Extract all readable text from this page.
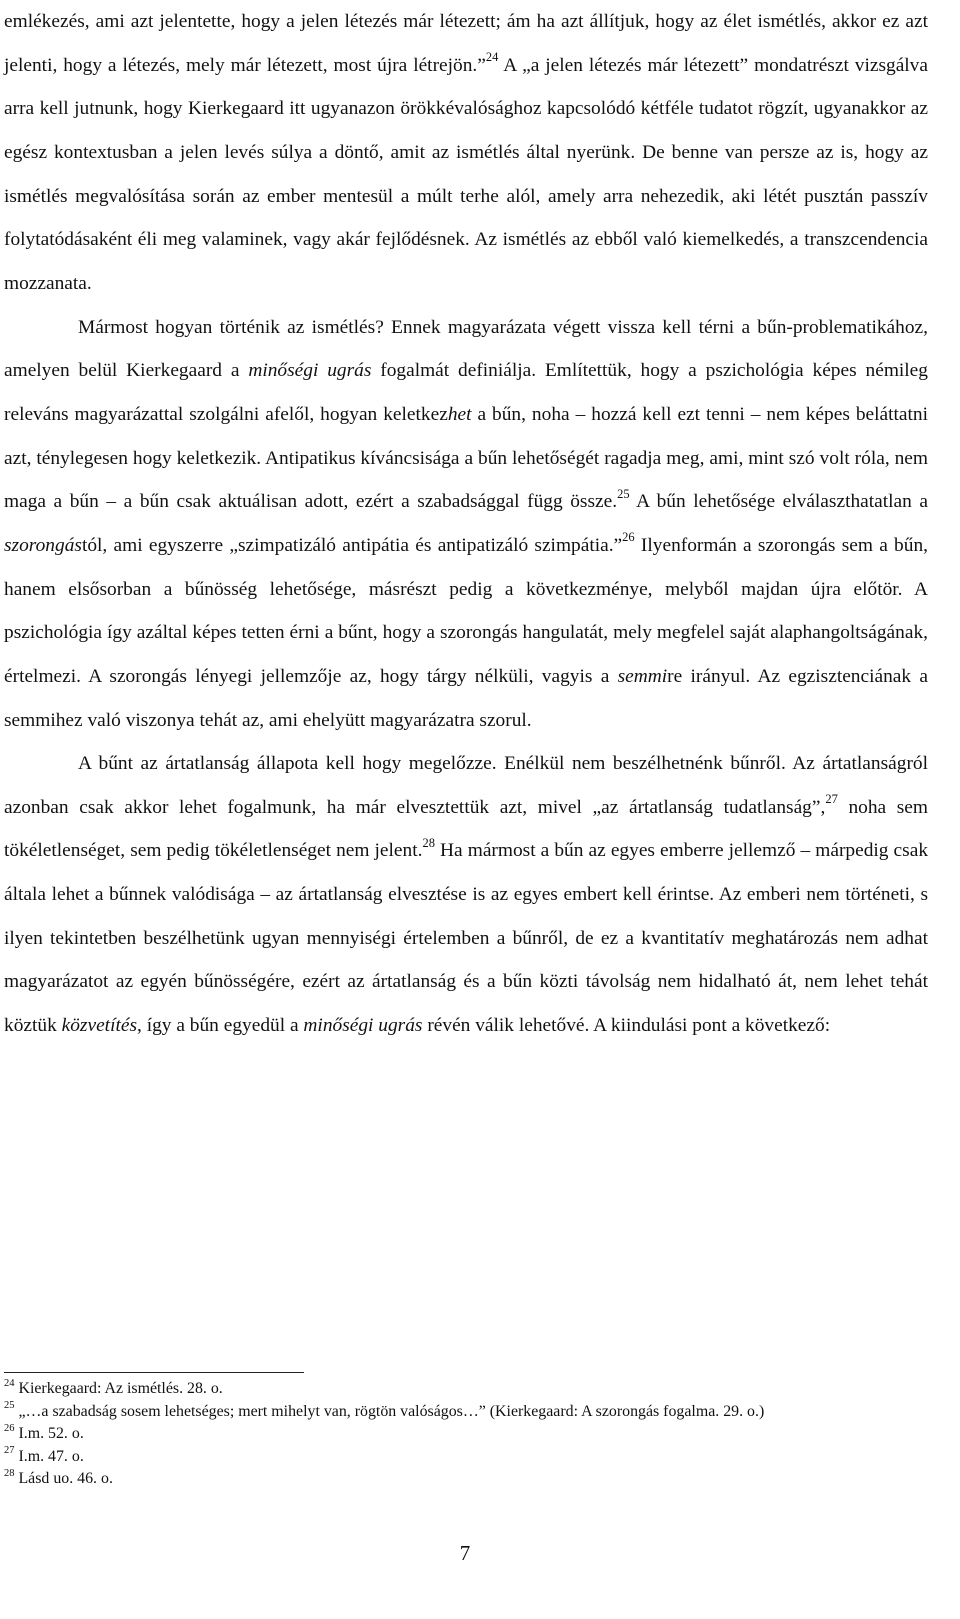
emlékezés, ami azt jelentette, hogy a jelen létezés már létezett; ám ha azt állítjuk, hogy az élet ismétlés, akkor ez azt jelenti, hogy a létezés, mely már létezett, most újra létrejön.”$^{24}$ A „a jelen létezés már létezett” mondatrészt vizsgálva arra kell jutnunk, hogy Kierkegaard itt ugyanazon örökkévalósághoz kapcsolódó kétféle tudatot rögzít, ugyanakkor az egész kontextusban a jelen levés súlya a döntő, amit az ismétlés által nyerünk. De benne van persze az is, hogy az ismétlés megvalósítása során az ember mentesül a múlt terhe alól, amely arra nehezedik, aki létét pusztán passzív folytatódásaként éli meg valaminek, vagy akár fejlődésnek. Az ismétlés az ebből való kiemelkedés, a transzcendencia mozzanata.

Mármost hogyan történik az ismétlés? Ennek magyarázata végett vissza kell térni a bűn-problematikához, amelyen belül Kierkegaard a minőségi ugrás fogalmát definiálja. Említettük, hogy a pszichológia képes némileg releváns magyarázattal szolgálni afelől, hogyan keletkezhet a bűn, noha – hozzá kell ezt tenni – nem képes beláttatni azt, ténylegesen hogy keletkezik. Antipatikus kíváncsisága a bűn lehetőségét ragadja meg, ami, mint szó volt róla, nem maga a bűn – a bűn csak aktuálisan adott, ezért a szabadsággal függ össze.$^{25}$ A bűn lehetősége elválaszthatatlan a szorongástól, ami egyszerre „szimpatizáló antipátia és antipatizáló szimpátia.”$^{26}$ Ilyenformán a szorongás sem a bűn, hanem elsősorban a bűnösség lehetősége, másrészt pedig a következménye, melyből majdan újra előtör. A pszichológia így azáltal képes tetten érni a bűnt, hogy a szorongás hangulatát, mely megfelel saját alaphangoltságának, értelmezi. A szorongás lényegi jellemzője az, hogy tárgy nélküli, vagyis a semmire irányul. Az egzisztenciának a semmihez való viszonya tehát az, ami ehelyütt magyarázatra szorul.

A bűnt az ártatlanság állapota kell hogy megelőzze. Enélkül nem beszélhetnénk bűnről. Az ártatlanságról azonban csak akkor lehet fogalmunk, ha már elvesztettük azt, mivel „az ártatlanság tudatlanság”,$^{27}$ noha sem tökéletlenséget, sem pedig tökéletlenséget nem jelent.$^{28}$ Ha mármost a bűn az egyes emberre jellemző – márpedig csak általa lehet a bűnnek valódisága – az ártatlanság elvesztése is az egyes embert kell érintse. Az emberi nem történeti, s ilyen tekintetben beszélhetünk ugyan mennyiségi értelemben a bűnről, de ez a kvantitatív meghatározás nem adhat magyarázatot az egyén bűnösségére, ezért az ártatlanság és a bűn közti távolság nem hidalható át, nem lehet tehát köztük közvetítés, így a bűn egyedül a minőségi ugrás révén válik lehetővé. A kiindulási pont a következő:

$^{24}$ Kierkegaard: Az ismétlés. 28. o.
$^{25}$ „…a szabadság sosem lehetséges; mert mihelyt van, rögtön valóságos…” (Kierkegaard: A szorongás fogalma. 29. o.)
$^{26}$ I.m. 52. o.
$^{27}$ I.m. 47. o.
$^{28}$ Lásd uo. 46. o.
7
